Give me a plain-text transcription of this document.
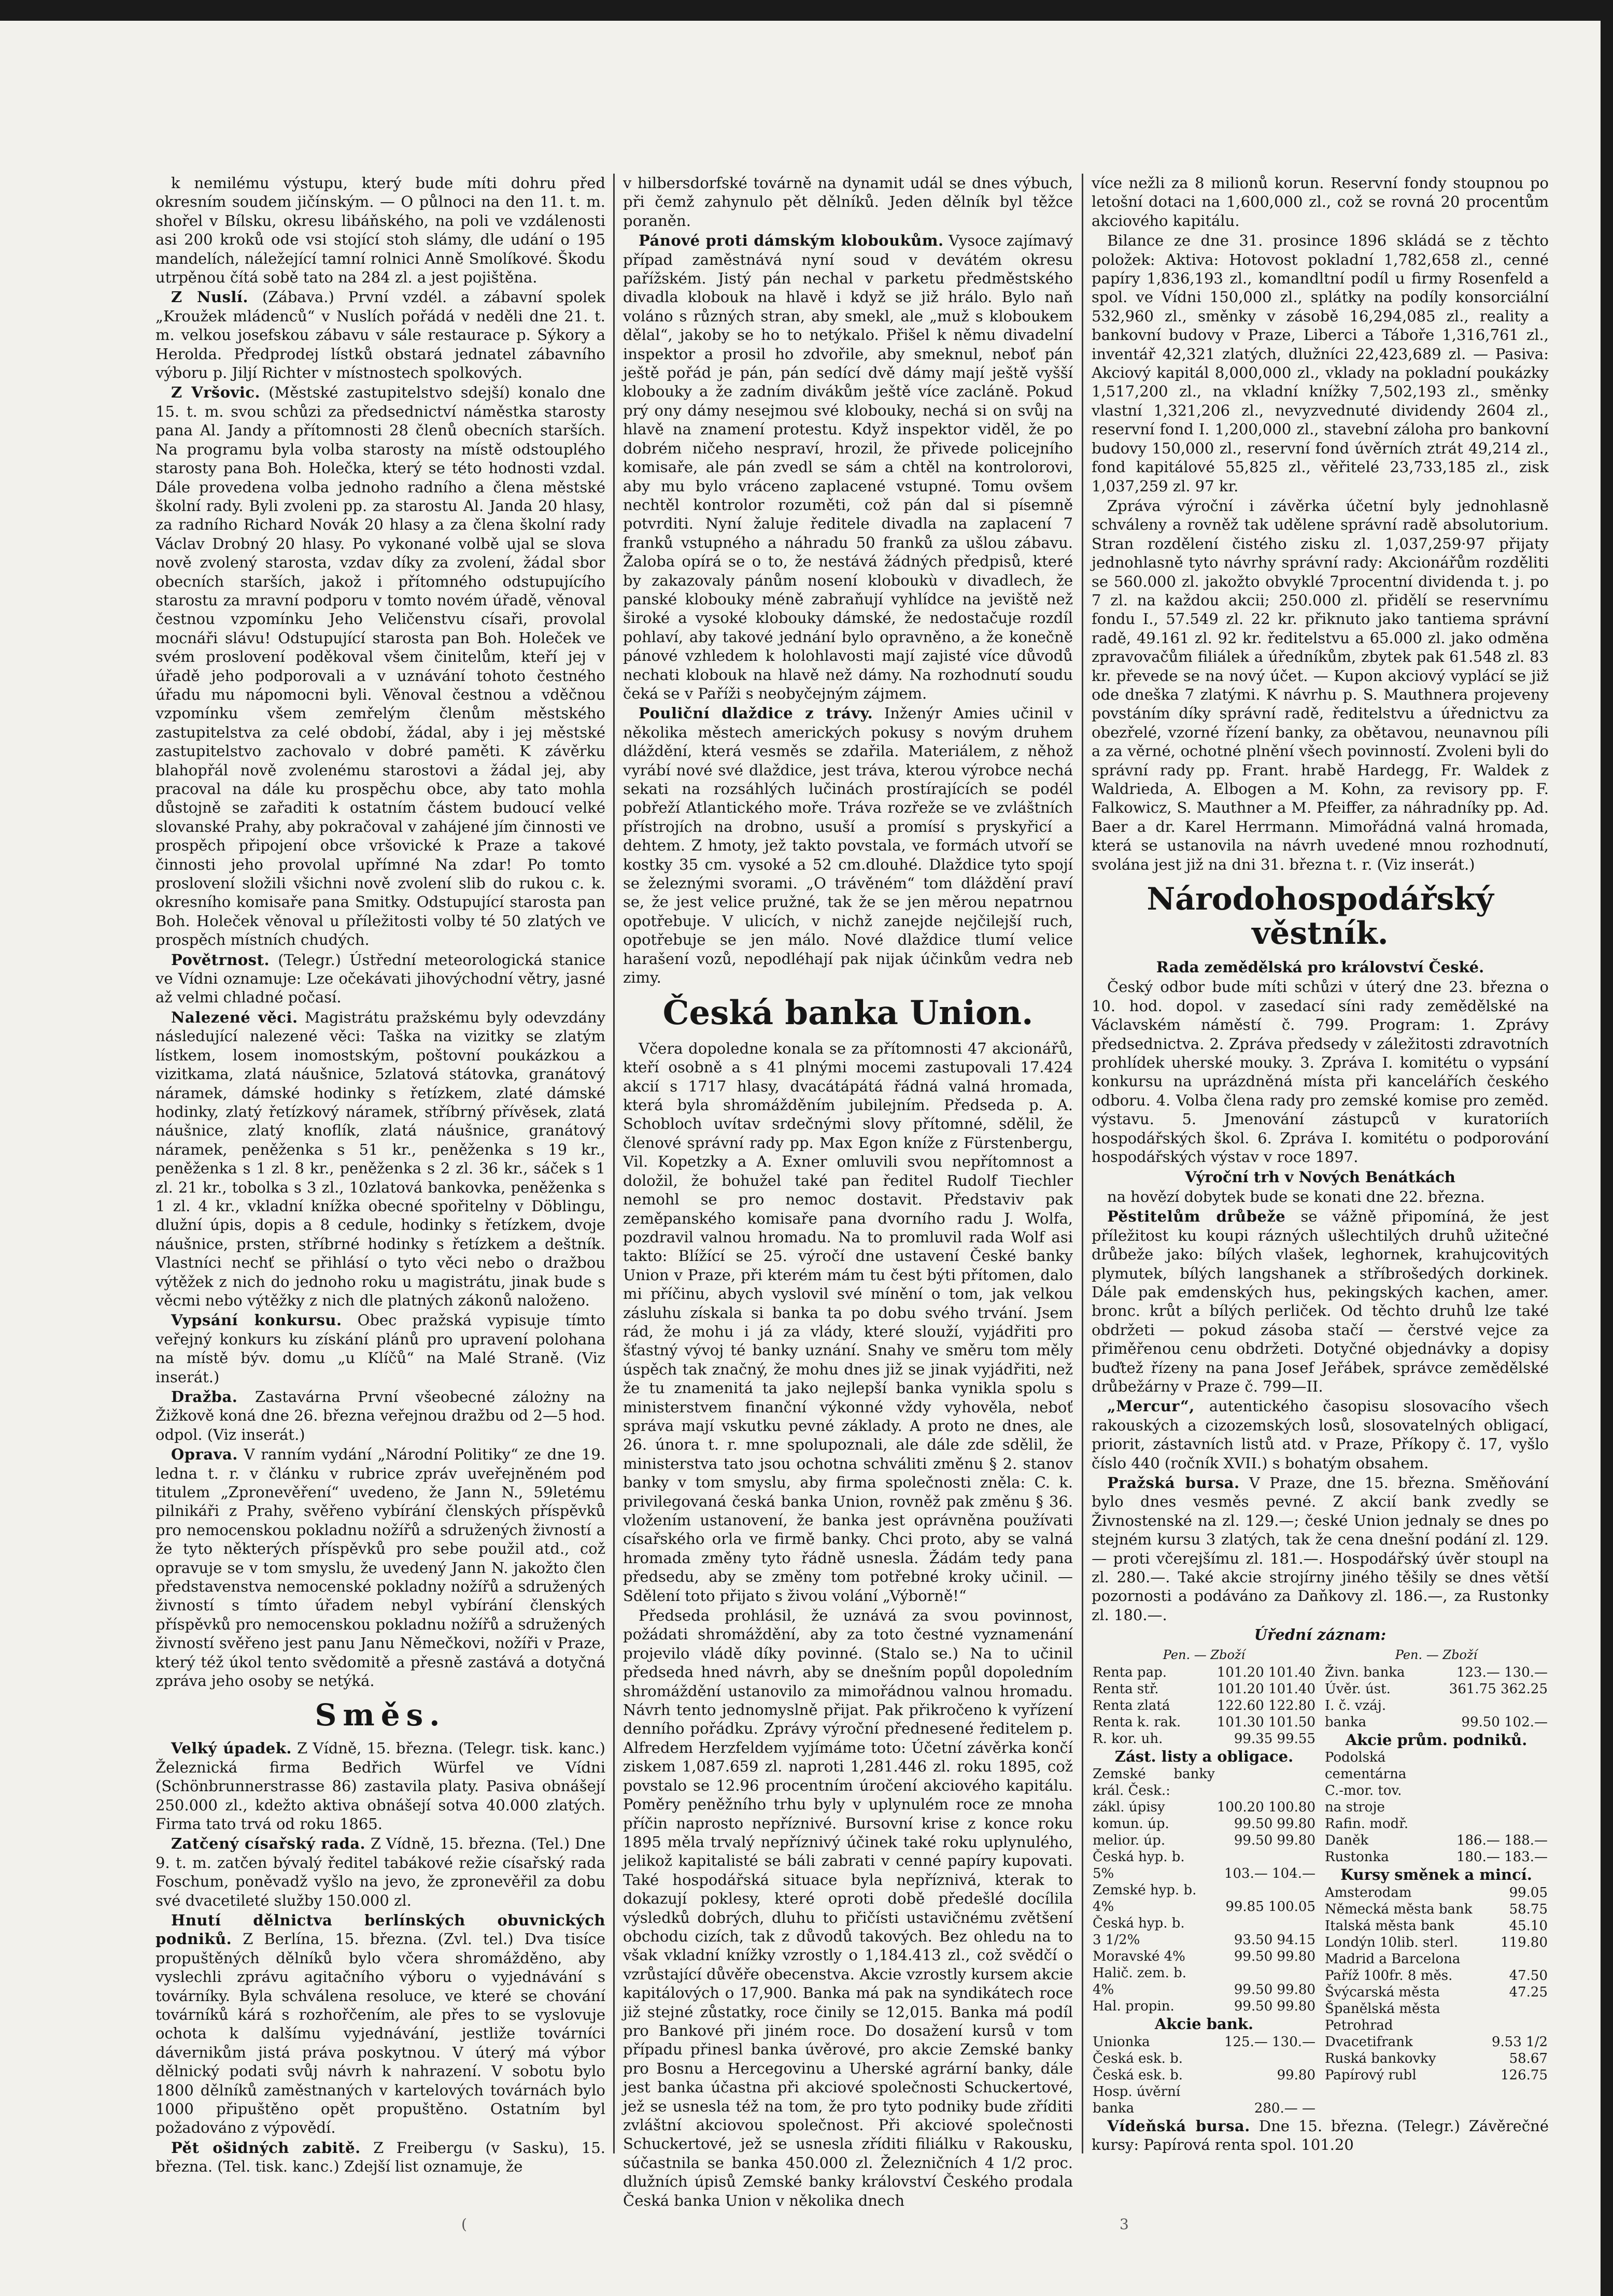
k nemilému výstupu, který bude míti dohru před okresním soudem jičínským. — O půlnoci na den 11. t. m. shořel v Bílsku, okresu libáňského, na poli ve vzdálenosti asi 200 kroků ode vsi stojící stoh slámy, dle udání o 195 mandelích, náležející tamní rolnici Anně Smolíkové. Škodu utrpěnou čítá sobě tato na 284 zl. a jest pojištěna.

Z Nuslí. (Zábava.) První vzdél. a zábavní spolek „Kroužek mládenců“ v Nuslích pořádá v neděli dne 21. t. m. velkou josefskou zábavu v sále restaurace p. Sýkory a Herolda. Předprodej lístků obstará jednatel zábavního výboru p. Jiljí Richter v místnostech spolkových.

Z Vršovic. (Městské zastupitelstvo sdejší) konalo dne 15. t. m. svou schůzi za předsednictví náměstka starosty pana Al. Jandy a přítomnosti 28 členů obecních starších. Na programu byla volba starosty na místě odstouplého starosty pana Boh. Holečka, který se této hodnosti vzdal. Dále provedena volba jednoho radního a člena městské školní rady. Byli zvoleni pp. za starostu Al. Janda 20 hlasy, za radního Richard Novák 20 hlasy a za člena školní rady Václav Drobný 20 hlasy. Po vykonané volbě ujal se slova nově zvolený starosta, vzdav díky za zvolení, žádal sbor obecních starších, jakož i přítomného odstupujícího starostu za mravní podporu v tomto novém úřadě, věnoval čestnou vzpomínku Jeho Veličenstvu císaři, provolal mocnáři slávu! Odstupující starosta pan Boh. Holeček ve svém proslovení poděkoval všem činitelům, kteří jej v úřadě jeho podporovali a v uznávání tohoto čestného úřadu mu nápomocni byli. Věnoval čestnou a vděčnou vzpomínku všem zemřelým členům městského zastupitelstva za celé období, žádal, aby i jej městské zastupitelstvo zachovalo v dobré paměti. K závěrku blahopřál nově zvolenému starostovi a žádal jej, aby pracoval na dále ku prospěchu obce, aby tato mohla důstojně se zařaditi k ostatním částem budoucí velké slovanské Prahy, aby pokračoval v zahájené jím činnosti ve prospěch připojení obce vršovické k Praze a takové činnosti jeho provolal upřímné Na zdar! Po tomto proslovení složili všichni nově zvolení slib do rukou c. k. okresního komisaře pana Smitky. Odstupující starosta pan Boh. Holeček věnoval u příležitosti volby té 50 zlatých ve prospěch místních chudých.

Povětrnost. (Telegr.) Ústřední meteorologická stanice ve Vídni oznamuje: Lze očekávati jihovýchodní větry, jasné až velmi chladné počasí.

Nalezené věci. Magistrátu pražskému byly odevzdány následující nalezené věci: Taška na vizitky se zlatým lístkem, losem inomostským, poštovní poukázkou a vizitkama, zlatá náušnice, 5zlatová státovka, granátový náramek, dámské hodinky s řetízkem, zlaté dámské hodinky, zlatý řetízkový náramek, stříbrný přívěsek, zlatá náušnice, zlatý knoflík, zlatá náušnice, granátový náramek, peněženka s 51 kr., peněženka s 19 kr., peněženka s 1 zl. 8 kr., peněženka s 2 zl. 36 kr., sáček s 1 zl. 21 kr., tobolka s 3 zl., 10zlatová bankovka, peněženka s 1 zl. 4 kr., vkladní knížka obecné spořitelny v Döblingu, dlužní úpis, dopis a 8 cedule, hodinky s řetízkem, dvoje náušnice, prsten, stříbrné hodinky s řetízkem a deštník. Vlastníci nechť se přihlásí o tyto věci nebo o dražbou výtěžek z nich do jednoho roku u magistrátu, jinak bude s věcmi nebo výtěžky z nich dle platných zákonů naloženo.

Vypsání konkursu. Obec pražská vypisuje tímto veřejný konkurs ku získání plánů pro upravení polohana na místě býv. domu „u Klíčů“ na Malé Straně. (Viz inserát.)

Dražba. Zastavárna První všeobecné zálożny na Žižkově koná dne 26. března veřejnou dražbu od 2—5 hod. odpol. (Viz inserát.)

Oprava. V ranním vydání „Národní Politiky“ ze dne 19. ledna t. r. v článku v rubrice zpráv uveřejněném pod titulem „Zpronevěření“ uvedeno, že Jann N., 59letému pilnikáři z Prahy, svěřeno vybírání členských příspěvků pro nemocenskou pokladnu nožířů a sdružených živností a že tyto některých příspěvků pro sebe použil atd., což opravuje se v tom smyslu, že uvedený Jann N. jakožto člen představenstva nemocenské pokladny nožířů a sdružených živností s tímto úřadem nebyl vybírání členských příspěvků pro nemocenskou pokladnu nožířů a sdružených živností svěřeno jest panu Janu Němečkovi, nožíři v Praze, který též úkol tento svědomitě a přesně zastává a dotyčná zpráva jeho osoby se netýká.

Směs.

Velký úpadek. Z Vídně, 15. března. (Telegr. tisk. kanc.) Železnická firma Bedřich Würfel ve Vídni (Schönbrunnerstrasse 86) zastavila platy. Pasiva obnášejí 250.000 zl., kdežto aktiva obnášejí sotva 40.000 zlatých. Firma tato trvá od roku 1865.

Zatčený císařský rada. Z Vídně, 15. března. (Tel.) Dne 9. t. m. zatčen bývalý ředitel tabákové režie císařský rada Foschum, poněvadž vyšlo na jevo, že zpronevěřil za dobu své dvacetileté služby 150.000 zl.

Hnutí dělnictva berlínských obuvnických podniků. Z Berlína, 15. března. (Zvl. tel.) Dva tisíce propuštěných dělníků bylo včera shromážděno, aby vyslechli zprávu agitačního výboru o vyjednávání s továrníky. Byla schválena resoluce, ve které se chování továrníků kárá s rozhořčením, ale přes to se vyslovuje ochota k dalšímu vyjednávání, jestliže továrníci dávernikům jistá práva poskytnou. V úterý má výbor dělnický podati svůj návrh k nahrazení. V sobotu bylo 1800 dělníků zaměstnaných v kartelových továrnách bylo 1000 připuštěno opět propuštěno. Ostatním byl požadováno z výpovědí.

Pět ošidných zabitě. Z Freibergu (v Sasku), 15. března. (Tel. tisk. kanc.) Zdejší list oznamuje, že

v hilbersdorfské továrně na dynamit udál se dnes výbuch, při čemž zahynulo pět dělníků. Jeden dělník byl těžce poraněn.

Pánové proti dámským kloboukům. Vysoce zajímavý případ zaměstnává nyní soud v devátém okresu pařížském. Jistý pán nechal v parketu předměstského divadla klobouk na hlavě i když se již hrálo. Bylo naň voláno s různých stran, aby smekl, ale „muž s kloboukem dělal“, jakoby se ho to netýkalo. Přišel k němu divadelní inspektor a prosil ho zdvořile, aby smeknul, neboť pán ještě pořád je pán, pán sedící dvě dámy mají ještě vyšší klobouky a že zadním divákům ještě více zacláně. Pokud prý ony dámy nesejmou své klobouky, nechá si on svůj na hlavě na znamení protestu. Když inspektor viděl, že po dobrém ničeho nespraví, hrozil, že přivede policejního komisaře, ale pán zvedl se sám a chtěl na kontrolorovi, aby mu bylo vráceno zaplacené vstupné. Tomu ovšem nechtěl kontrolor rozuměti, což pán dal si písemně potvrditi. Nyní žaluje ředitele divadla na zaplacení 7 franků vstupného a náhradu 50 franků za ušlou zábavu. Žaloba opírá se o to, že nestává žádných předpisů, které by zakazovaly pánům nosení kloboukù v divadlech, že panské klobouky méně zabraňují vyhlídce na jeviště než široké a vysoké klobouky dámské, že nedostačuje rozdíl pohlaví, aby takové jednání bylo opravněno, a že konečně pánové vzhledem k holohlavosti mají zajisté více důvodů nechati klobouk na hlavě než dámy. Na rozhodnutí soudu čeká se v Paříži s neobyčejným zájmem.

Pouliční dlaždice z trávy. Inženýr Amies učinil v několika městech amerických pokusy s novým druhem dláždění, která vesměs se zdařila. Materiálem, z něhož vyrábí nové své dlaždice, jest tráva, kterou výrobce nechá sekati na rozsáhlých lučinách prostírajících se podél pobřeží Atlantického moře. Tráva rozřeže se ve zvláštních přístrojích na drobno, usuší a promísí s pryskyřicí a dehtem. Z hmoty, jež takto povstala, ve formách utvoří se kostky 35 cm. vysoké a 52 cm.dlouhé. Dlaždice tyto spojí se železnými svorami. „O trávěném“ tom dláždění praví se, že jest velice pružné, tak že se jen měrou nepatrnou opotřebuje. V ulicích, v nichž zanejde nejčilejší ruch, opotřebuje se jen málo. Nové dlaždice tlumí velice harašení vozů, nepodléhají pak nijak účinkům vedra neb zimy.

Česká banka Union.

Včera dopoledne konala se za přítomnosti 47 akcionářů, kteří osobně a s 41 plnými mocemi zastupovali 17.424 akcií s 1717 hlasy, dvacátápátá řádná valná hromada, která byla shromážděním jubilejním. Předseda p. A. Schobloch uvítav srdečnými slovy přítomné, sdělil, že členové správní rady pp. Max Egon kníže z Fürstenbergu, Vil. Kopetzky a A. Exner omluvili svou nepřítomnost a doložil, že bohužel také pan ředitel Rudolf Tiechler nemohl se pro nemoc dostavit. Představiv pak zeměpanského komisaře pana dvorního radu J. Wolfa, pozdravil valnou hromadu. Na to promluvil rada Wolf asi takto: Blížící se 25. výročí dne ustavení České banky Union v Praze, při kterém mám tu čest býti přítomen, dalo mi příčinu, abych vyslovil své mínění o tom, jak velkou zásluhu získala si banka ta po dobu svého trvání. Jsem rád, že mohu i já za vlády, které slouží, vyjádřiti pro šťastný vývoj té banky uznání. Snahy ve směru tom měly úspěch tak značný, že mohu dnes již se jinak vyjádřiti, než že tu znamenitá ta jako nejlepší banka vynikla spolu s ministerstvem finanční výkonné vždy vyhověla, neboť správa mají vskutku pevné základy. A proto ne dnes, ale 26. února t. r. mne spolupoznali, ale dále zde sdělil, že ministerstva tato jsou ochotna schváliti změnu § 2. stanov banky v tom smyslu, aby firma společnosti zněla: C. k. privilegovaná česká banka Union, rovněž pak změnu § 36. vložením ustanovení, že banka jest oprávněna používati císařského orla ve firmě banky. Chci proto, aby se valná hromada změny tyto řádně usnesla. Žádám tedy pana předsedu, aby se změny tom potřebné kroky učinil. — Sdělení toto přijato s živou volání „Výborně!“

Předseda prohlásil, že uznává za svou povinnost, požádati shromáždění, aby za toto čestné vyznamenání projevilo vládě díky povinné. (Stalo se.) Na to učinil předseda hned návrh, aby se dnešním popůl dopoledním shromáždění ustanovilo za mimořádnou valnou hromadu. Návrh tento jednomyslně přijat. Pak přikročeno k vyřízení denního pořádku. Zprávy výroční přednesené ředitelem p. Alfredem Herzfeldem vyjímáme toto: Účetní závěrka končí ziskem 1,087.659 zl. naproti 1,281.446 zl. roku 1895, což povstalo se 12.96 procentním úročení akciového kapitálu. Poměry peněžního trhu byly v uplynulém roce ze mnoha příčin naprosto nepříznivé. Bursovní krise z konce roku 1895 měla trvalý nepříznivý účinek také roku uplynulého, jelikož kapitalisté se báli zabrati v cenné papíry kupovati. Také hospodářská situace byla nepříznivá, kterak to dokazují poklesy, které oproti době předešlé docílila výsledků dobrých, dluhu to přičísti ustavičnému zvětšení obchodu cizích, tak z důvodů takových. Bez ohledu na to však vkladní knížky vzrostly o 1,184.413 zl., což svědčí o vzrůstající důvěře obecenstva. Akcie vzrostly kursem akcie kapitálových o 17,900. Banka má pak na syndikátech roce již stejné zůstatky, roce činily se 12,015. Banka má podíl pro Bankové při jiném roce. Do dosažení kursů v tom případu přinesl banka úvěrové, pro akcie Zemské banky pro Bosnu a Hercegovinu a Uherské agrární banky, dále jest banka účastna při akciové společnosti Schuckertové, jež se usnesla též na tom, že pro tyto podniky bude zříditi zvláštní akciovou společnost. Při akciové společnosti Schuckertové, jež se usnesla zříditi filiálku v Rakousku, súčastnila se banka 450.000 zl. Železničních 4 1/2 proc. dlužních úpisů Zemské banky království Českého prodala Česká banka Union v několika dnech

více nežli za 8 milionů korun. Reservní fondy stoupnou po letošní dotaci na 1,600,000 zl., což se rovná 20 procentům akciového kapitálu.

Bilance ze dne 31. prosince 1896 skládá se z těchto položek: Aktiva: Hotovost pokladní 1,782,658 zl., cenné papíry 1,836,193 zl., komandltní podíl u firmy Rosenfeld a spol. ve Vídni 150,000 zl., splátky na podíly konsorciální 532,960 zl., směnky v zásobě 16,294,085 zl., reality a bankovní budovy v Praze, Liberci a Táboře 1,316,761 zl., inventář 42,321 zlatých, dlužníci 22,423,689 zl. — Pasiva: Akciový kapitál 8,000,000 zl., vklady na pokladní poukázky 1,517,200 zl., na vkladní knížky 7,502,193 zl., směnky vlastní 1,321,206 zl., nevyzvednuté dividendy 2604 zl., reservní fond I. 1,200,000 zl., stavební záloha pro bankovní budovy 150,000 zl., reservní fond úvěrních ztrát 49,214 zl., fond kapitálové 55,825 zl., věřitelé 23,733,185 zl., zisk 1,037,259 zl. 97 kr.

Zpráva výroční i závěrka účetní byly jednohlasně schváleny a rovněž tak udělene správní radě absolutorium. Stran rozdělení čistého zisku zl. 1,037,259·97 přijaty jednohlasně tyto návrhy správní rady: Akcionářům rozděliti se 560.000 zl. jakožto obvyklé 7procentní dividenda t. j. po 7 zl. na každou akcii; 250.000 zl. přidělí se reservnímu fondu I., 57.549 zl. 22 kr. přiknuto jako tantiema správní radě, 49.161 zl. 92 kr. ředitelstvu a 65.000 zl. jako odměna zpravovačům filiálek a úředníkům, zbytek pak 61.548 zl. 83 kr. převede se na nový účet. — Kupon akciový vyplácí se již ode dneška 7 zlatými. K návrhu p. S. Mauthnera projeveny povstáním díky správní radě, ředitelstvu a úřednictvu za obezřelé, vzorné řízení banky, za obětavou, neunavnou píli a za věrné, ochotné plnění všech povinností. Zvoleni byli do správní rady pp. Frant. hrabě Hardegg, Fr. Waldek z Waldrieda, A. Elbogen a M. Kohn, za revisory pp. F. Falkowicz, S. Mauthner a M. Pfeiffer, za náhradníky pp. Ad. Baer a dr. Karel Herrmann. Mimořádná valná hromada, která se ustanovila na návrh uvedené mnou rozhodnutí, svolána jest již na dni 31. března t. r. (Viz inserát.)

Národohospodářský věstník.
Rada zemědělská pro království České.

Český odbor bude míti schůzi v úterý dne 23. března o 10. hod. dopol. v zasedací síni rady zemědělské na Václavském náměstí č. 799. Program: 1. Zprávy předsednictva. 2. Zpráva předsedy v záležitosti zdravotních prohlídek uherské mouky. 3. Zpráva I. komitétu o vypsání konkursu na uprázdněná místa při kancelářích českého odboru. 4. Volba člena rady pro zemské komise pro zeměd. výstavu. 5. Jmenování zástupců v kuratoriích hospodářských škol. 6. Zpráva I. komitétu o podporování hospodářských výstav v roce 1897.

Výroční trh v Nových Benátkách

na hovězí dobytek bude se konati dne 22. března.

Pěstitelům drůbeže se vážně připomíná, že jest příležitost ku koupi rázných ušlechtilých druhů užitečné drůbeže jako: bílých vlašek, leghornek, krahujcovitých plymutek, bílých langshanek a stříbrošedých dorkinek. Dále pak emdenských hus, pekingských kachen, amer. bronc. krůt a bílých perliček. Od těchto druhů lze také obdržeti — pokud zásoba stačí — čerstvé vejce za přiměřenou cenu obdržeti. Dotyčné objednávky a dopisy buďtež řízeny na pana Josef Jeřábek, správce zemědělské drůbežárny v Praze č. 799—II.

„Mercur“, autentického časopisu slosovacího všech rakouských a cizozemských losů, slosovatelných obligací, priorit, zástavních listů atd. v Praze, Příkopy č. 17, vyšlo číslo 440 (ročník XVII.) s bohatým obsahem.

Pražská bursa. V Praze, dne 15. března. Směňování bylo dnes vesměs pevné. Z akcií bank zvedly se Živnostenské na zl. 129.—; české Union jednaly se dnes po stejném kursu 3 zlatých, tak že cena dnešní podání zl. 129.— proti včerejšímu zl. 181.—. Hospodářský úvěr stoupl na zl. 280.—. Také akcie strojírny jiného těšily se dnes větší pozornosti a podáváno za Daňkovy zl. 186.—, za Rustonky zl. 180.—.

Úřední záznam:
Pen. — Zboží
Renta pap.	101.20 101.40
Renta stř.	101.20 101.40
Renta zlatá	122.60 122.80
Renta k. rak.	101.30 101.50
R. kor. uh.	99.35 99.55
Zást. listy a obligace.
Zemské banky král. Česk.:	
zákl. úpisy	100.20 100.80
komun. úp.	99.50 99.80
melior. úp.	99.50 99.80
Česká hyp. b.	
5%	103.— 104.—
Zemské hyp. b.	
4%	99.85 100.05
Česká hyp. b.	
3 1/2%	93.50 94.15
Moravské 4%	99.50 99.80
Halič. zem. b.	
4%	99.50 99.80
Hal. propin.	99.50 99.80
Akcie bank.
Unionka	125.— 130.—
Česká esk. b.	
Česká esk. b.	99.80
Hosp. úvěrní	
banka	280.— —
Pen. — Zboží
Živn. banka	123.— 130.—
Úvěr. úst.	361.75 362.25
I. č. vzáj.	
banka	99.50 102.—
Akcie prům. podniků.
Podolská cementárna	
C.-mor. tov.	
na stroje	
Rafin. modř.	
Daněk	186.— 188.—
Rustonka	180.— 183.—
Kursy směnek a mincí.
Amsterodam	99.05
Německá města bank	58.75
Italská města bank	45.10
Londýn 10lib. sterl.	119.80
Madrid a Barcelona	
Paříž 100fr. 8 měs.	47.50
Švýcarská města	47.25
Španělská města	
Petrohrad	
Dvacetifrank	9.53 1/2
Ruská bankovky	58.67
Papírový rubl	126.75

Vídeňská bursa. Dne 15. března. (Telegr.) Závěrečné kursy: Papírová renta spol. 101.20

(	3
